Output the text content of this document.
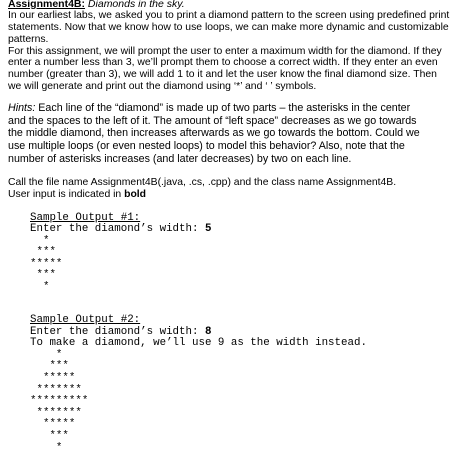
Assignment4B: Diamonds in the sky.
In our earliest labs, we asked you to print a diamond pattern to the screen using predefined print
statements. Now that we know how to use loops, we can make more dynamic and customizable
patterns.
For this assignment, we will prompt the user to enter a maximum width for the diamond. If they
enter a number less than 3, we’ll prompt them to choose a correct width. If they enter an even
number (greater than 3), we will add 1 to it and let the user know the final diamond size. Then
we will generate and print out the diamond using ‘*’ and ‘ ’ symbols.
Hints: Each line of the “diamond” is made up of two parts – the asterisks in the center
and the spaces to the left of it. The amount of “left space” decreases as we go towards
the middle diamond, then increases afterwards as we go towards the bottom. Could we
use multiple loops (or even nested loops) to model this behavior? Also, note that the
number of asterisks increases (and later decreases) by two on each line.
Call the file name Assignment4B(.java, .cs, .cpp) and the class name Assignment4B.
User input is indicated in bold
Sample Output #1:
Enter the diamond’s width: 5
*
***
*****
***
*
Sample Output #2:
Enter the diamond’s width: 8
To make a diamond, we’ll use 9 as the width instead.
*
***
*****
*******
*********
*******
*****
***
*
